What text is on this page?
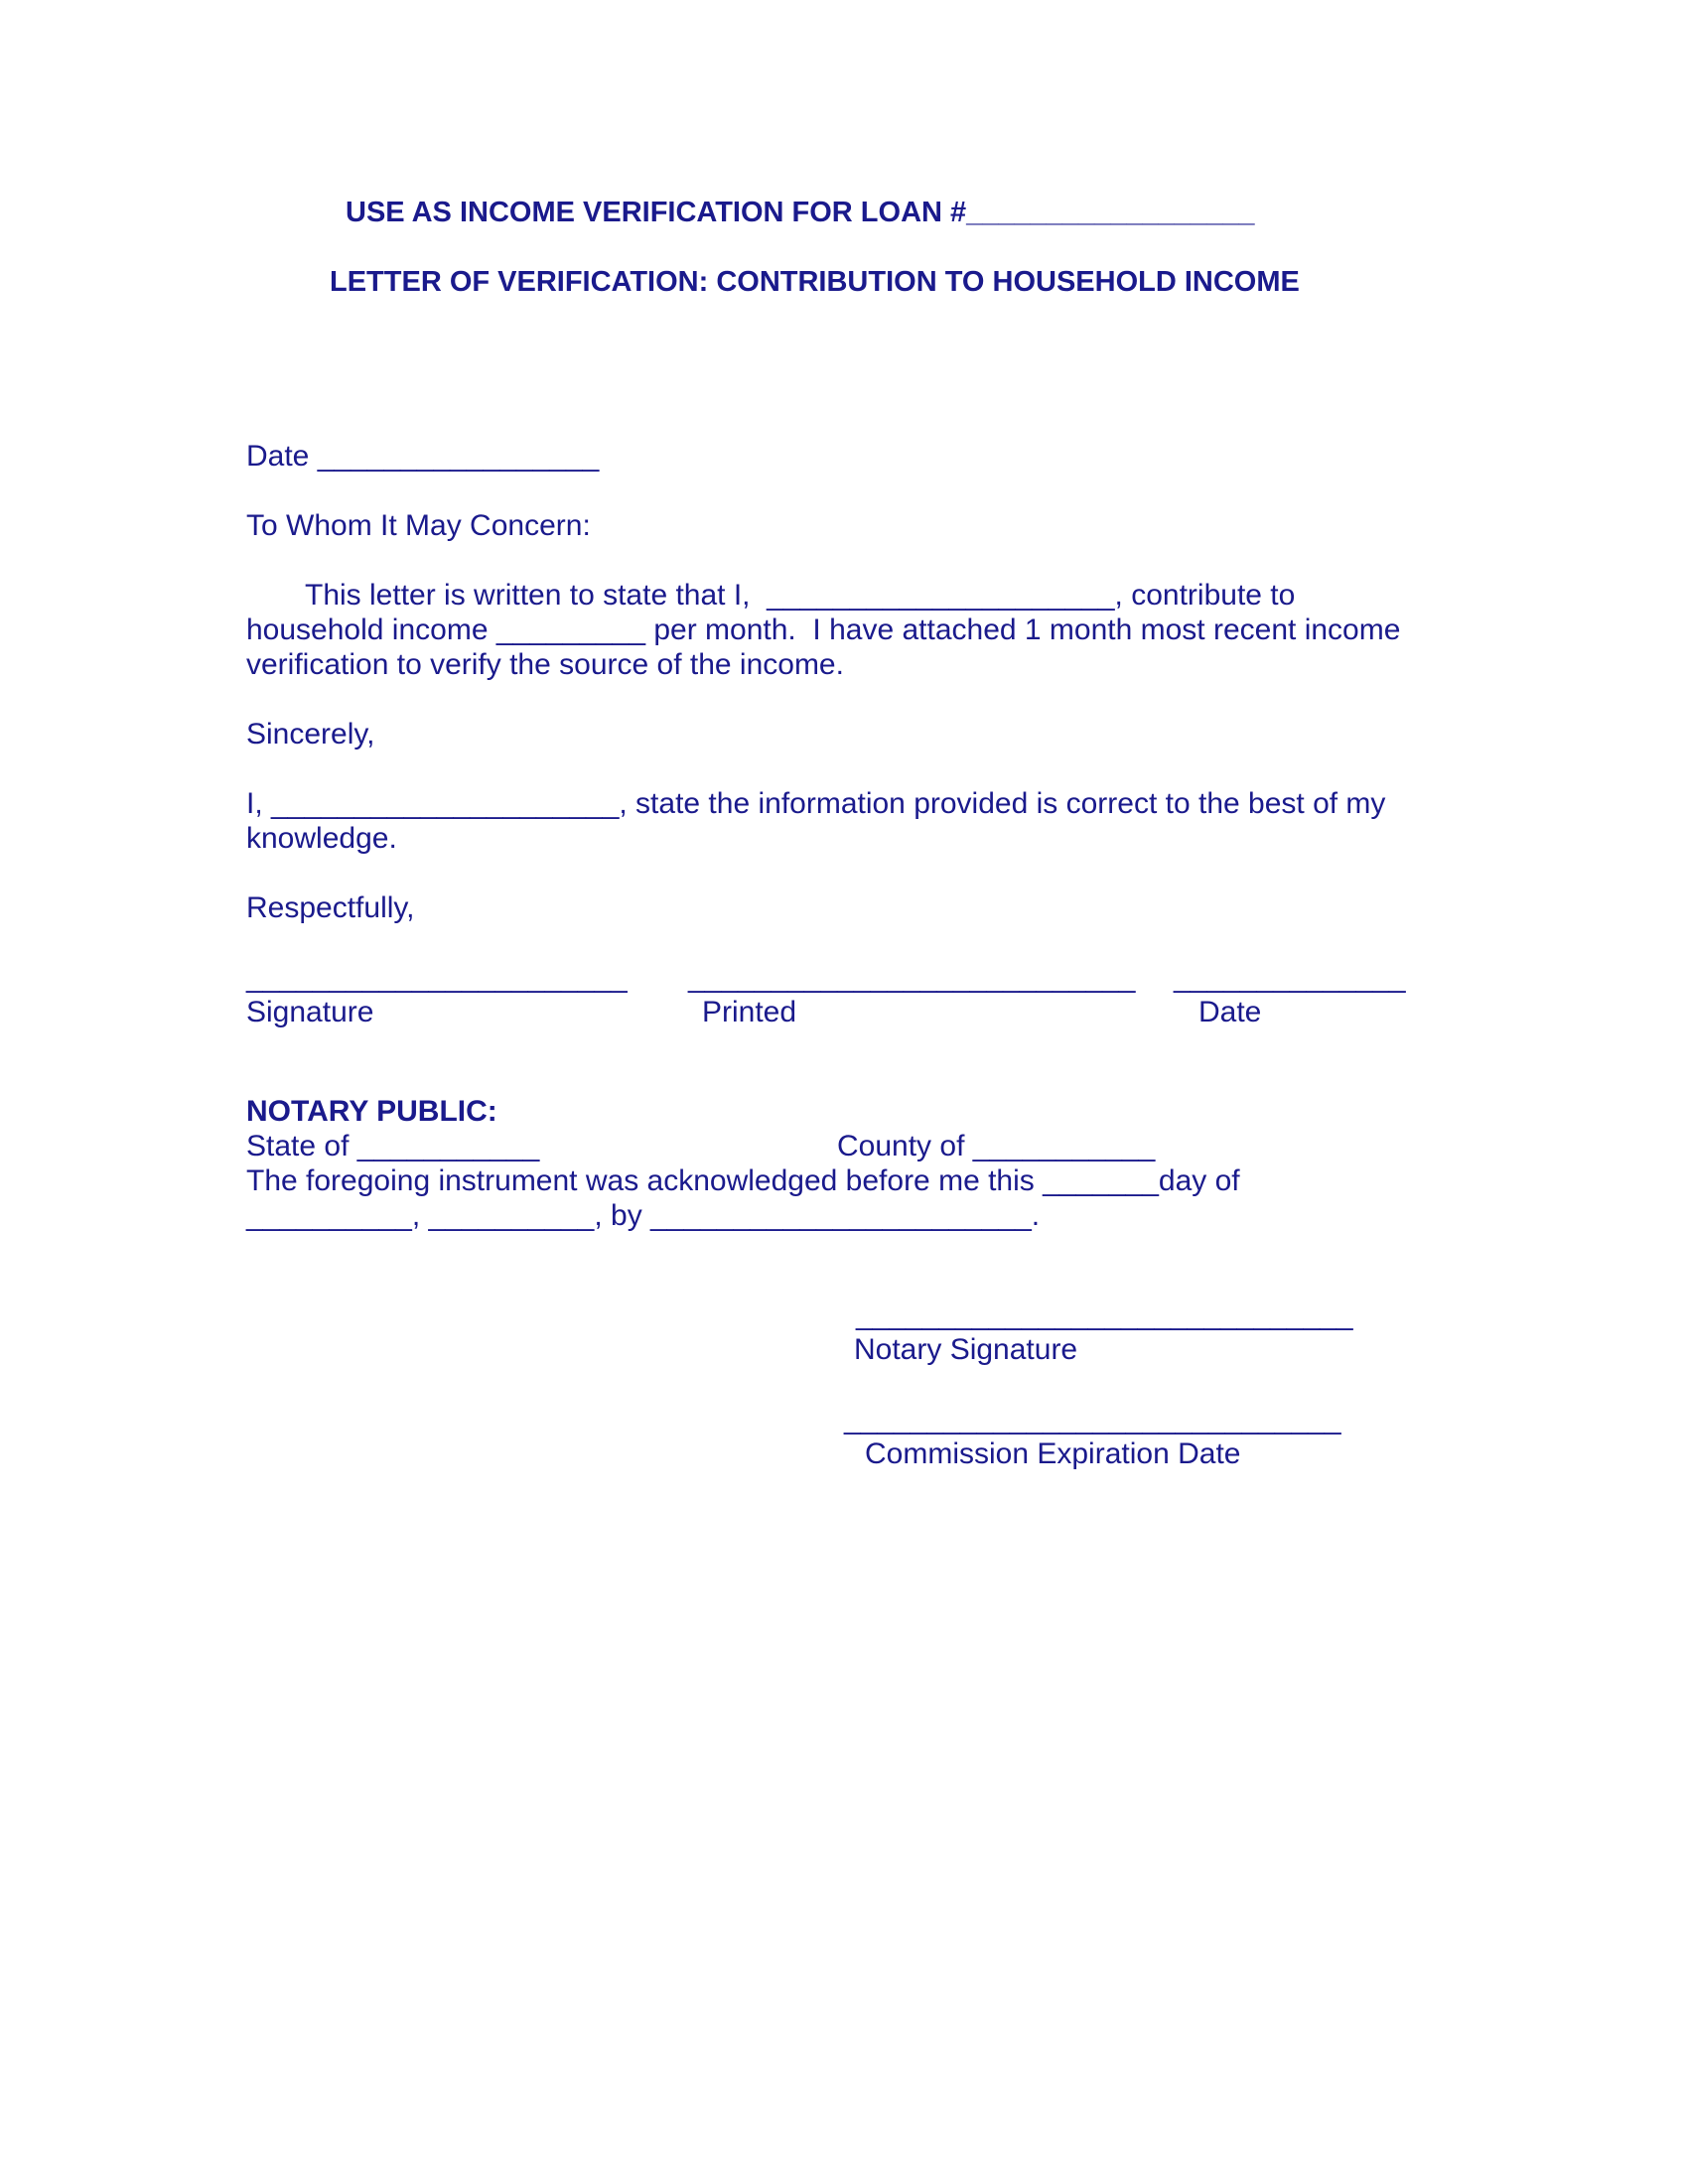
USE AS INCOME VERIFICATION FOR LOAN #__________________
LETTER OF VERIFICATION: CONTRIBUTION TO HOUSEHOLD INCOME
Date _________________
To Whom It May Concern:
This letter is written to state that I,  _____________________, contribute to
household income _________ per month.  I have attached 1 month most recent income
verification to verify the source of the income.
Sincerely,
I, _____________________, state the information provided is correct to the best of my
knowledge.
Respectfully,
_______________________ ___________________________ ______________
Signature	Printed	Date
NOTARY PUBLIC:
State of ___________	County of ___________
The foregoing instrument was acknowledged before me this _______day of
__________, __________, by _______________________.
______________________________
Notary Signature
______________________________
Commission Expiration Date
